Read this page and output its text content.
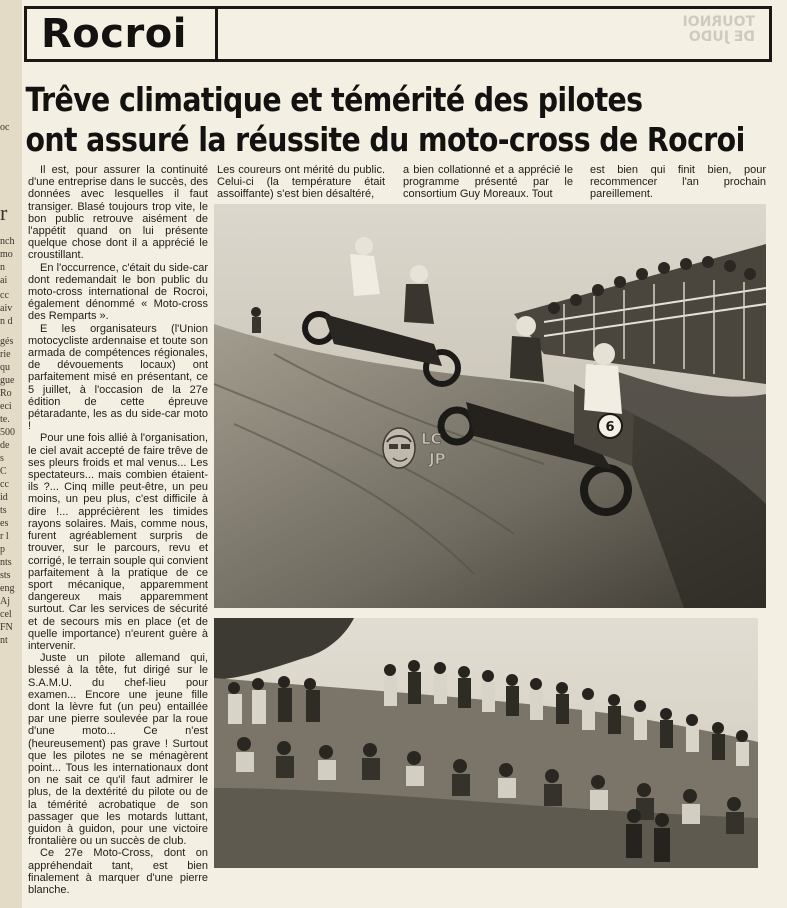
oc
r
nch
mo
n
ai
cc
aiv
n d
gés
rie
qu
gue
Ro
eci
te.
500
de
s
C
cc
id
ts
es
r l
p
nts
sts
eng
Aj
cel
FN
nt
Rocroi	TOURNOI
DE JUDO
Trêve climatique et témérité des pilotes
ont assuré la réussite du moto-cross de Rocroi

Il est, pour assurer la continuité d'une entreprise dans le succès, des données avec lesquelles il faut transiger. Blasé toujours trop vite, le bon public retrouve aisément de l'appétit quand on lui présente quelque chose dont il a apprécié le croustillant.

En l'occurrence, c'était du side-car dont redemandait le bon public du moto-cross international de Rocroi, également dénommé « Moto-cross des Remparts ».

E les organisateurs (l'Union motocycliste ardennaise et toute son armada de compétences régionales, de dévouements locaux) ont parfaitement misé en présentant, ce 5 juillet, à l'occasion de la 27e édition de cette épreuve pétaradante, les as du side-car moto !

Pour une fois allié à l'organisation, le ciel avait accepté de faire trêve de ses pleurs froids et mal venus... Les spectateurs... mais combien étaient-ils ?... Cinq mille peut-être, un peu moins, un peu plus, c'est difficile à dire !... apprécièrent les timides rayons solaires. Mais, comme nous, furent agréablement surpris de trouver, sur le parcours, revu et corrigé, le terrain souple qui convient parfaitement à la pratique de ce sport mécanique, apparemment dangereux mais apparemment surtout. Car les services de sécurité et de secours mis en place (et de quelle importance) n'eurent guère à intervenir.

Juste un pilote allemand qui, blessé à la tête, fut dirigé sur le S.A.M.U. du chef-lieu pour examen... Encore une jeune fille dont la lèvre fut (un peu) entaillée par une pierre soulevée par la roue d'une moto... Ce n'est (heureusement) pas grave ! Surtout que les pilotes ne se ménagèrent point... Tous les internationaux dont on ne sait ce qu'il faut admirer le plus, de la dextérité du pilote ou de la témérité acrobatique de son passager que les motards luttant, guidon à guidon, pour une victoire frontalière ou un succès de club.

Ce 27e Moto-Cross, dont on appréhendait tant, est bien finalement à marquer d'une pierre blanche.

Les coureurs ont mérité du public. Celui-ci (la température était assoiffante) s'est bien désaltéré,

a bien collationné et a apprécié le programme présenté par le consortium Guy Moreaux. Tout

est bien qui finit bien, pour recommencer l'an prochain pareillement.

6
LC
JP
